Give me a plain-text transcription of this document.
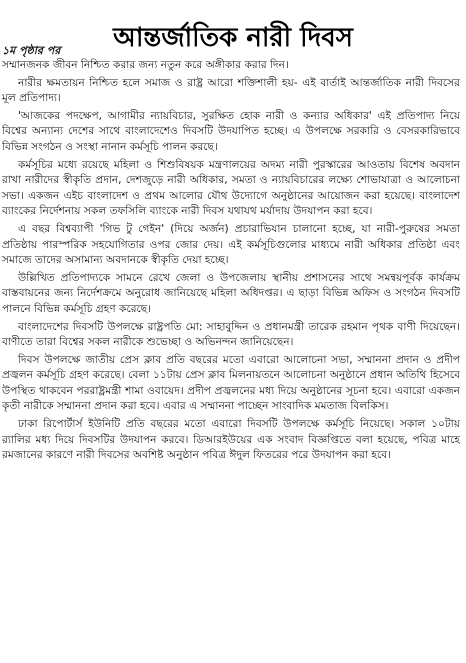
আন্তর্জাতিক নারী দিবস

১ম পৃষ্ঠার পর

সম্মানজনক জীবন নিশ্চিত করার জন্য নতুন করে অঙ্গীকার করার দিন।

নারীর ক্ষমতায়ন নিশ্চিত হলে সমাজ ও রাষ্ট্র আরো শক্তিশালী হয়- এই বার্তাই আন্তর্জাতিক নারী দিবসের মূল প্রতিপাদ্য।

'আজকের পদক্ষেপ, আগামীর ন্যায়বিচার, সুরক্ষিত হোক নারী ও কন্যার অধিকার' এই প্রতিপাদ্য নিয়ে বিশ্বের অন্যান্য দেশের সাথে বাংলাদেশেও দিবসটি উদযাপিত হচ্ছে। এ উপলক্ষে সরকারি ও বেসরকারিভাবে বিভিন্ন সংগঠন ও সংস্থা নানান কর্মসূচি পালন করছে।

কর্মসূচির মধ্যে রয়েছে মহিলা ও শিশুবিষয়ক মন্ত্রণালয়ের অদম্য নারী পুরস্কারের আওতায় বিশেষ অবদান রাখা নারীদের স্বীকৃতি প্রদান, দেশজুড়ে নারী অধিকার, সমতা ও ন্যায়বিচারের লক্ষ্যে শোভাযাত্রা ও আলোচনা সভা। একজন এইচ বাংলাদেশ ও প্রথম আলোর যৌথ উদ্যোগে অনুষ্ঠানের আয়োজন করা হয়েছে। বাংলাদেশ ব্যাংকের নির্দেশনায় সকল তফসিলি ব্যাংকে নারী দিবস যথাযথ মর্যাদায় উদযাপন করা হবে।

এ বছর বিশ্বব্যাপী 'গিভ টু গেইন' (দিয়ে অর্জন) প্রচারাভিযান চালানো হচ্ছে, যা নারী-পুরুষের সমতা প্রতিষ্ঠায় পারস্পরিক সহযোগিতার ওপর জোর দেয়। এই কর্মসূচিগুলোর মাধ্যমে নারী অধিকার প্রতিষ্ঠা এবং সমাজে তাদের অসামান্য অবদানকে স্বীকৃতি দেয়া হচ্ছে।

উল্লিখিত প্রতিপাদ্যকে সামনে রেখে জেলা ও উপজেলায় স্থানীয় প্রশাসনের সাথে সমন্বয়পূর্বক কার্যক্রম বাস্তবায়নের জন্য নির্দেশক্রমে অনুরোধ জানিয়েছে মহিলা অধিদপ্তর। এ ছাড়া বিভিন্ন অফিস ও সংগঠন দিবসটি পালনে বিভিন্ন কর্মসূচি গ্রহণ করেছে।

বাংলাদেশের দিবসটি উপলক্ষে রাষ্ট্রপতি মো: সাহাবুদ্দিন ও প্রধানমন্ত্রী তারেক রহমান পৃথক বাণী দিয়েছেন। বাণীতে তারা বিশ্বের সকল নারীকে শুভেচ্ছা ও অভিনন্দন জানিয়েছেন।

দিবস উপলক্ষে জাতীয় প্রেস ক্লাব প্রতি বছরের মতো এবারো আলোচনা সভা, সম্মাননা প্রদান ও প্রদীপ প্রজ্বলন কর্মসূচি গ্রহণ করেছে। বেলা ১১টায় প্রেস ক্লাব মিলনায়তনে আলোচনা অনুষ্ঠানে প্রধান অতিথি হিসেবে উপস্থিত থাকবেন পররাষ্ট্রমন্ত্রী শামা ওবায়েদ। প্রদীপ প্রজ্বলনের মধ্য দিয়ে অনুষ্ঠানের সূচনা হবে। এবারো একজন কৃতী নারীকে সম্মাননা প্রদান করা হবে। এবার এ সম্মাননা পাচ্ছেন সাংবাদিক মমতাজ বিলকিস।

ঢাকা রিপোর্টার্স ইউনিটি প্রতি বছরের মতো এবারো দিবসটি উপলক্ষে কর্মসূচি নিয়েছে। সকাল ১০টায় র‍্যালির মধ্য দিয়ে দিবসটির উদযাপন করবে। ডিআরইউয়ের এক সংবাদ বিজ্ঞপ্তিতে বলা হয়েছে, পবিত্র মাহে রমজানের কারণে নারী দিবসের অবশিষ্ট অনুষ্ঠান পবিত্র ঈদুল ফিতরের পরে উদযাপন করা হবে।
